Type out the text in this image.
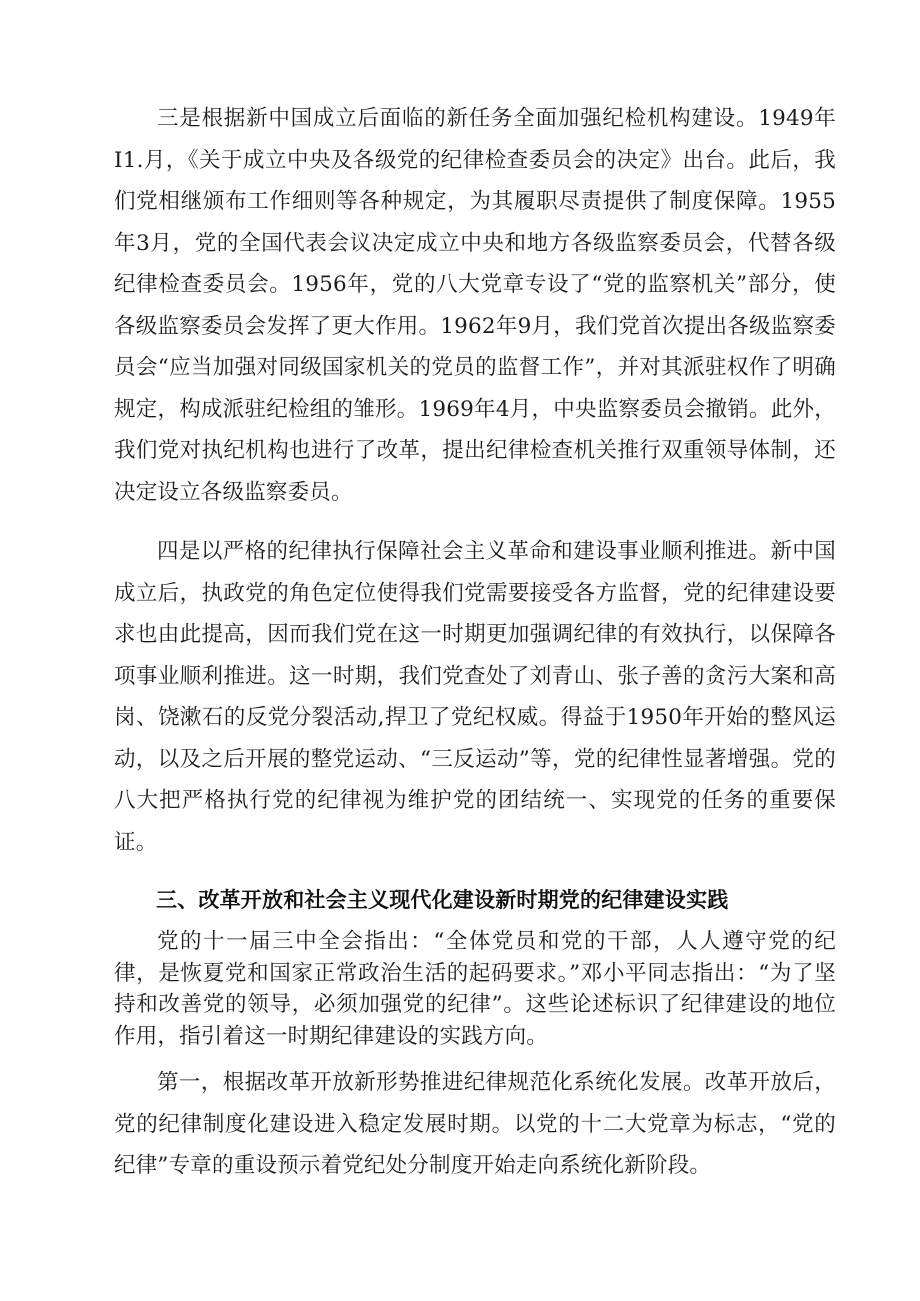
三是根据新中国成立后面临的新任务全面加强纪检机构建设。1949年I1.月，《关于成立中央及各级党的纪律检查委员会的决定》出台。此后，我们党相继颁布工作细则等各种规定，为其履职尽责提供了制度保障。1955年3月，党的全国代表会议决定成立中央和地方各级监察委员会，代替各级纪律检查委员会。1956年，党的八大党章专设了“党的监察机关”部分，使各级监察委员会发挥了更大作用。1962年9月，我们党首次提出各级监察委员会“应当加强对同级国家机关的党员的监督工作”，并对其派驻权作了明确规定，构成派驻纪检组的雏形。1969年4月，中央监察委员会撤销。此外，我们党对执纪机构也进行了改革，提出纪律检查机关推行双重领导体制，还决定设立各级监察委员。

四是以严格的纪律执行保障社会主义革命和建设事业顺利推进。新中国成立后，执政党的角色定位使得我们党需要接受各方监督，党的纪律建设要求也由此提高，因而我们党在这一时期更加强调纪律的有效执行，以保障各项事业顺利推进。这一时期，我们党查处了刘青山、张子善的贪污大案和高岗、饶漱石的反党分裂活动,捍卫了党纪权威。得益于1950年开始的整风运动，以及之后开展的整党运动、“三反运动”等，党的纪律性显著增强。党的八大把严格执行党的纪律视为维护党的团结统一、实现党的任务的重要保证。

三、改革开放和社会主义现代化建设新时期党的纪律建设实践

党的十一届三中全会指出：“全体党员和党的干部，人人遵守党的纪律，是恢夏党和国家正常政治生活的起码要求。”邓小平同志指出：“为了坚持和改善党的领导，必须加强党的纪律”。这些论述标识了纪律建设的地位作用，指引着这一时期纪律建设的实践方向。

第一，根据改革开放新形势推进纪律规范化系统化发展。改革开放后，党的纪律制度化建设进入稳定发展时期。以党的十二大党章为标志，“党的纪律”专章的重设预示着党纪处分制度开始走向系统化新阶段。
